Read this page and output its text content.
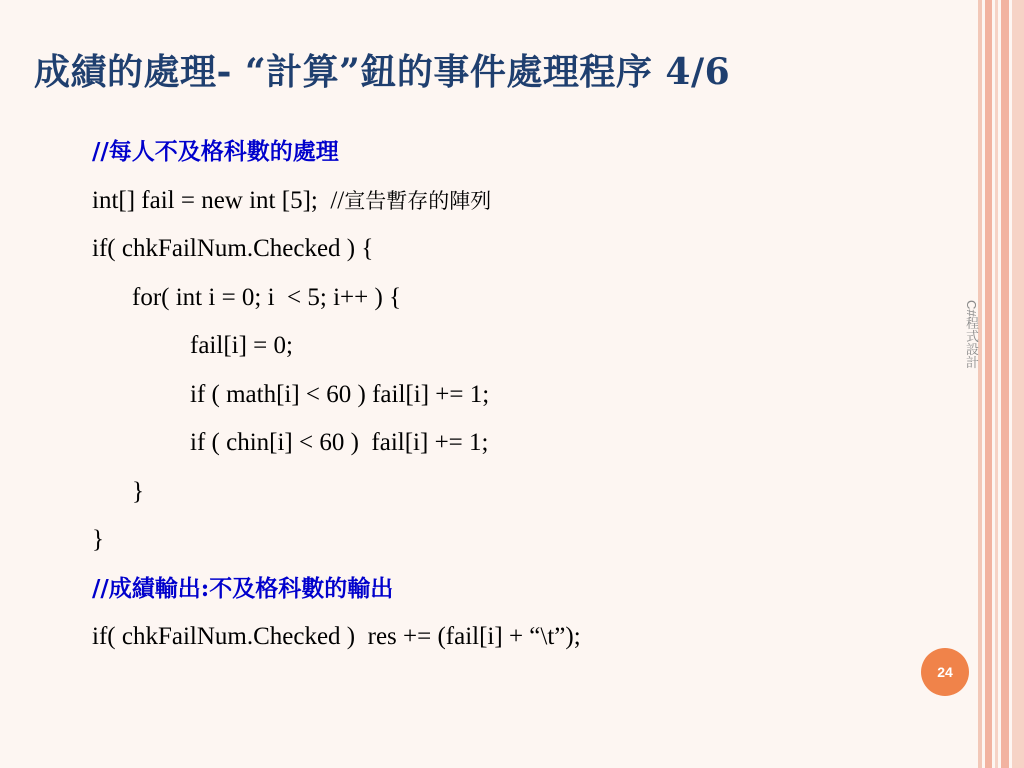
成績的處理- “計算”鈕的事件處理程序 4/6
//每人不及格科數的處理
int[] fail = new int [5];  //宣告暫存的陣列
if( chkFailNum.Checked ) {
for( int i = 0; i  < 5; i++ ) {
fail[i] = 0;
if ( math[i] < 60 ) fail[i] += 1;
if ( chin[i] < 60 )  fail[i] += 1;
}
}
//成績輸出:不及格科數的輸出
if( chkFailNum.Checked )  res += (fail[i] + “\t”);
C#程式設計
24
